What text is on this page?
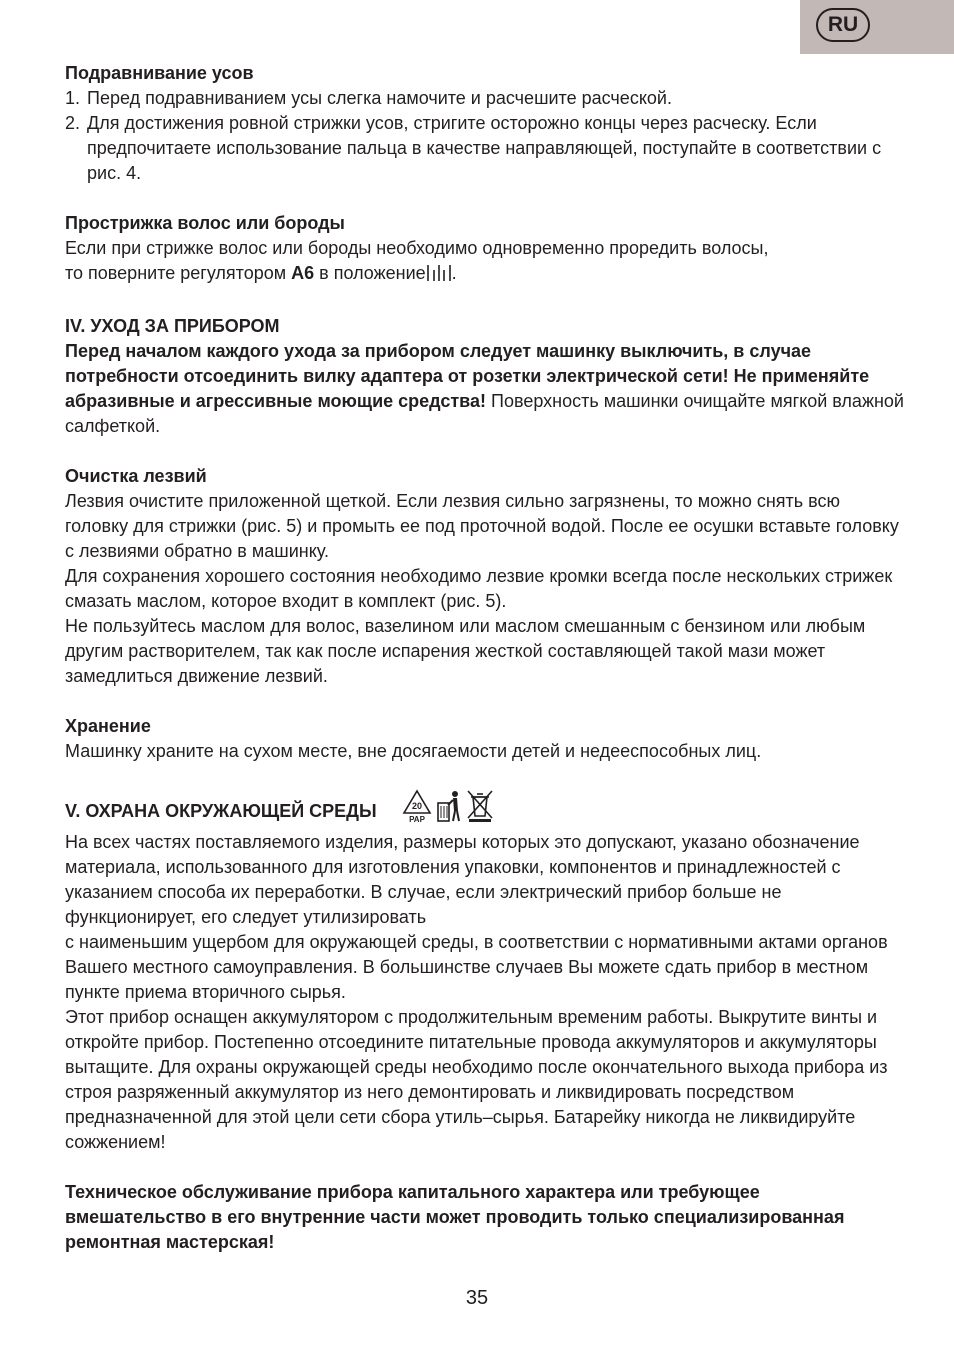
RU
Подравнивание усов
1. Перед подравниванием усы слегка намочите и расчешите расческой.
2. Для достижения ровной стрижки усов, стригите осторожно концы через расческу. Если предпочитаете использование пальца в качестве направляющей, поступайте в соответствии с рис. 4.
Прострижка волос или бороды

Если при стрижке волос или бороды необходимо одновременно проредить волосы,
то поверните регулятором A6 в положение .

IV. УХОД ЗА ПРИБОРОМ

Перед началом каждого ухода за прибором следует машинку выключить, в случае потребности отсоединить вилку адаптера от розетки электрической сети! Не применяйте абразивные и агрессивные моющие средства! Поверхность машинки очищайте мягкой влажной салфеткой.

Очистка лезвий

Лезвия очистите приложенной щеткой. Если лезвия сильно загрязнены, то можно снять всю головку для стрижки (рис. 5) и промыть ее под проточной водой. После ее осушки вставьте головку с лезвиями обратно в машинку.

Для сохранения хорошего состояния необходимо лезвие кромки всегда после нескольких стрижек смазать маслом, которое входит в комплект (рис. 5).

Не пользуйтесь маслом для волос, вазелином или маслом смешанным с бензином или любым другим растворителем, так как после испарения жесткой составляющей такой мази может замедлиться движение лезвий.

Хранение

Машинку храните на сухом месте, вне досягаемости детей и недееспособных лиц.

V. ОХРАНА ОКРУЖАЮЩЕЙ СРЕДЫ	20
PAP

На всех частях поставляемого изделия, размеры которых это допускают, указано обозначение материала, использованного для изготовления упаковки, компонентов и принадлежностей с указанием способа их переработки. В случае, если электрический прибор больше не функционирует, его следует утилизировать

с наименьшим ущербом для окружающей среды, в соответствии с нормативными актами органов Вашего местного самоуправления. В большинстве случаев Вы можете сдать прибор в местном пункте приема вторичного сырья.

Этот прибор оснащен аккумулятором с продолжительным временим работы. Выкрутите винты и откройте прибор. Постепенно отсоедините питательные провода аккумуляторов и аккумуляторы вытащите. Для охраны окружающей среды необходимо после окончательного выхода прибора из строя разряженный аккумулятор из него демонтировать и ликвидировать посредством предназначенной для этой цели сети сбора утиль–сырья. Батарейку никогда не ликвидируйте сожжением!

Техническое обслуживание прибора капитального характера или требующее вмешательство в его внутренние части может проводить только специализированная ремонтная мастерская!

35
